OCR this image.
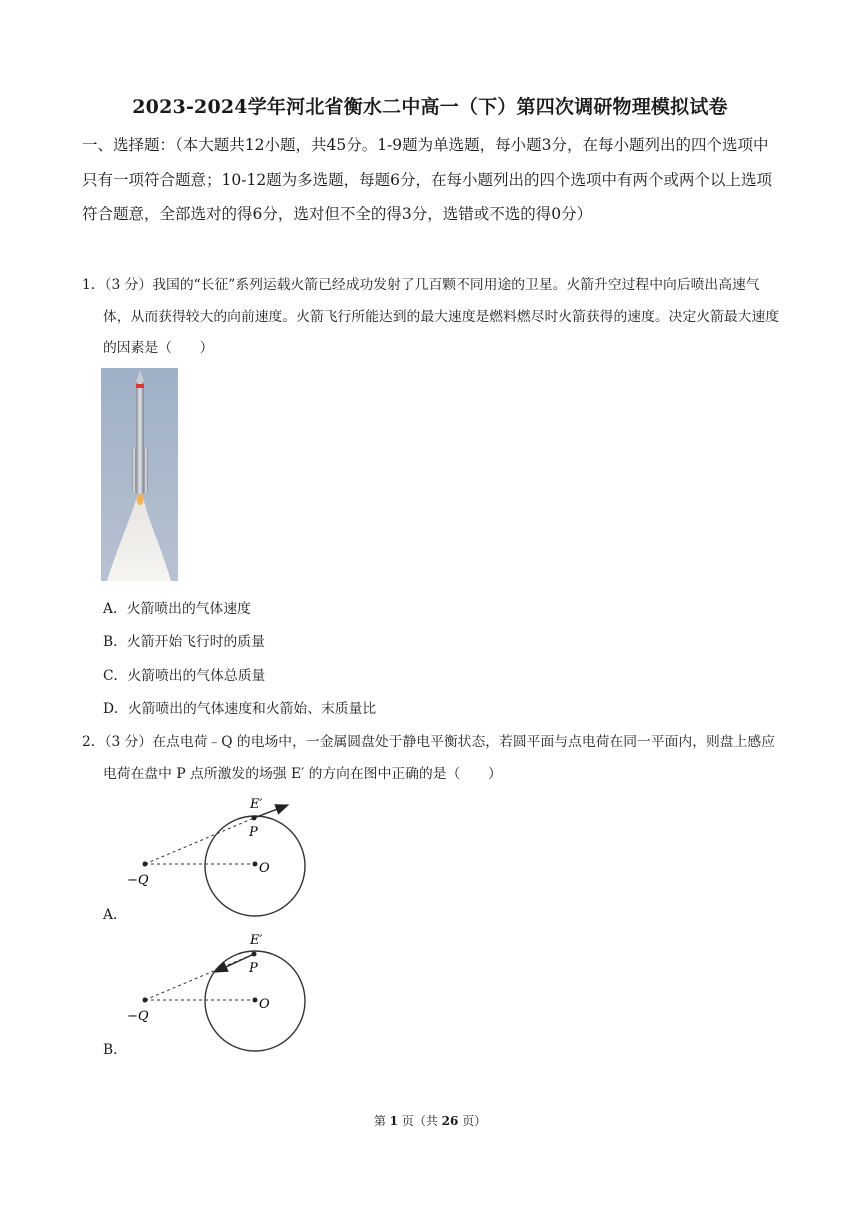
2023-2024学年河北省衡水二中高一（下）第四次调研物理模拟试卷

一、选择题：（本大题共12小题，共45分。1-9题为单选题，每小题3分，在每小题列出的四个选项中只有一项符合题意；10-12题为多选题，每题6分，在每小题列出的四个选项中有两个或两个以上选项符合题意，全部选对的得6分，选对但不全的得3分，选错或不选的得0分）

1．（3 分）我国的“长征”系列运载火箭已经成功发射了几百颗不同用途的卫星。火箭升空过程中向后喷出高速气体，从而获得较大的向前速度。火箭飞行所能达到的最大速度是燃料燃尽时火箭获得的速度。决定火箭最大速度的因素是（　　）
A．火箭喷出的气体速度
B．火箭开始飞行时的质量
C．火箭喷出的气体总质量
D．火箭喷出的气体速度和火箭始、末质量比
2．（3 分）在点电荷﹣Q 的电场中，一金属圆盘处于静电平衡状态，若圆平面与点电荷在同一平面内，则盘上感应电荷在盘中 P 点所激发的场强 E′ 的方向在图中正确的是（　　）
E′
P
−Q
O
A．
E′
P
−Q
O
B．
第 1 页（共 26 页）
